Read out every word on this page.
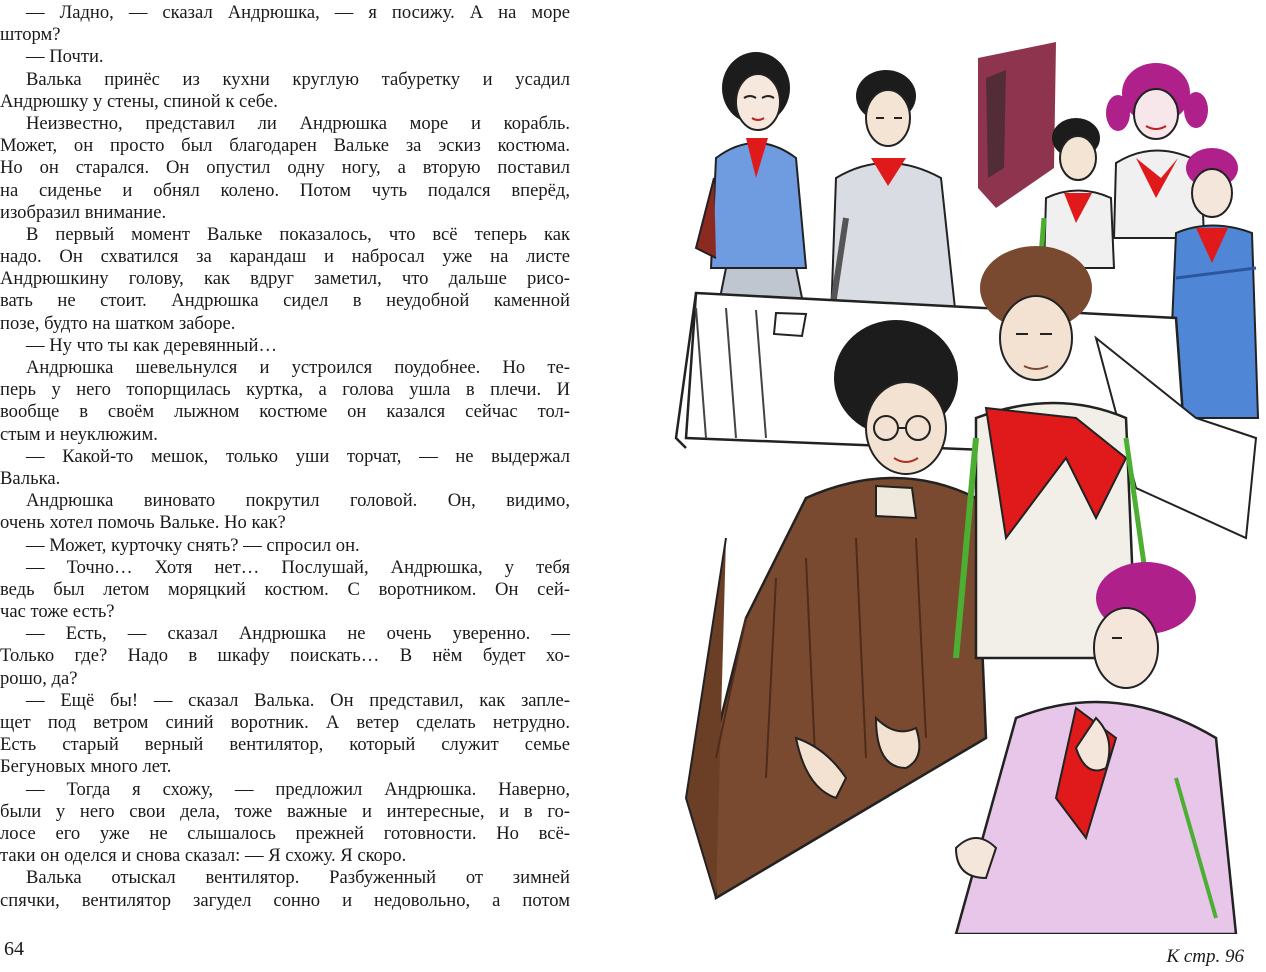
— Ладно, — сказал Андрюшка, — я посижу. А на море
шторм?
— Почти.
Валька принёс из кухни круглую табуретку и усадил
Андрюшку у стены, спиной к себе.
Неизвестно, представил ли Андрюшка море и корабль.
Может, он просто был благодарен Вальке за эскиз костюма.
Но он старался. Он опустил одну ногу, а вторую поставил
на сиденье и обнял колено. Потом чуть подался вперёд,
изобразил внимание.
В первый момент Вальке показалось, что всё теперь как
надо. Он схватился за карандаш и набросал уже на листе
Андрюшкину голову, как вдруг заметил, что дальше рисо-
вать не стоит. Андрюшка сидел в неудобной каменной
позе, будто на шатком заборе.
— Ну что ты как деревянный…
Андрюшка шевельнулся и устроился поудобнее. Но те-
перь у него топорщилась куртка, а голова ушла в плечи. И
вообще в своём лыжном костюме он казался сейчас тол-
стым и неуклюжим.
— Какой-то мешок, только уши торчат, — не выдержал
Валька.
Андрюшка виновато покрутил головой. Он, видимо,
очень хотел помочь Вальке. Но как?
— Может, курточку снять? — спросил он.
— Точно… Хотя нет… Послушай, Андрюшка, у тебя
ведь был летом моряцкий костюм. С воротником. Он сей-
час тоже есть?
— Есть, — сказал Андрюшка не очень уверенно. —
Только где? Надо в шкафу поискать… В нём будет хо-
рошо, да?
— Ещё бы! — сказал Валька. Он представил, как заплe-
щет под ветром синий воротник. А ветер сделать нетрудно.
Есть старый верный вентилятор, который служит семье
Бегуновых много лет.
— Тогда я схожу, — предложил Андрюшка. Наверно,
были у него свои дела, тоже важные и интересные, и в го-
лосе его уже не слышалось прежней готовности. Но всё-
таки он оделся и снова сказал: — Я схожу. Я скоро.
Валька отыскал вентилятор. Разбуженный от зимней
спячки, вентилятор загудел сонно и недовольно, а потом
64	К стр. 96
